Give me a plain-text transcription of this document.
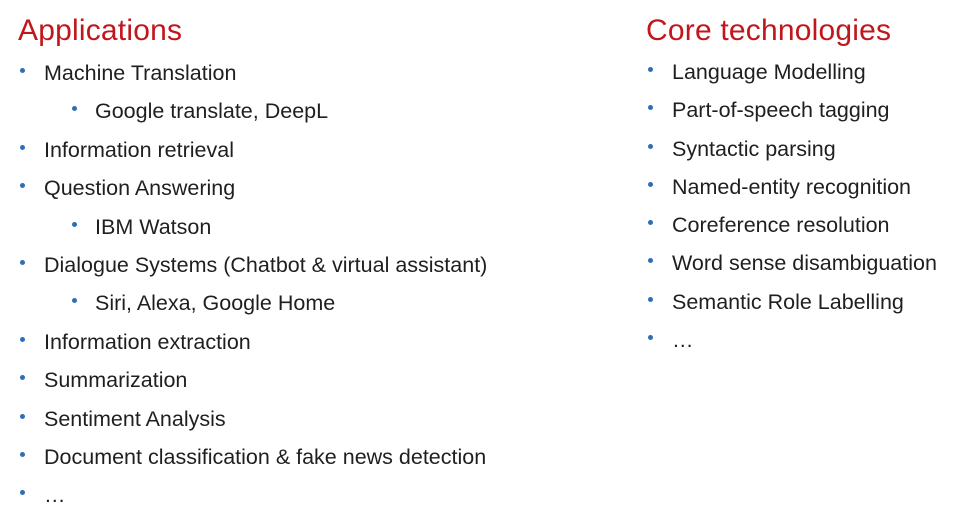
Applications
Machine Translation
Google translate, DeepL
Information retrieval
Question Answering
IBM Watson
Dialogue Systems (Chatbot & virtual assistant)
Siri, Alexa, Google Home
Information extraction
Summarization
Sentiment Analysis
Document classification & fake news detection
…
Core technologies
Language Modelling
Part-of-speech tagging
Syntactic parsing
Named-entity recognition
Coreference resolution
Word sense disambiguation
Semantic Role Labelling
…
